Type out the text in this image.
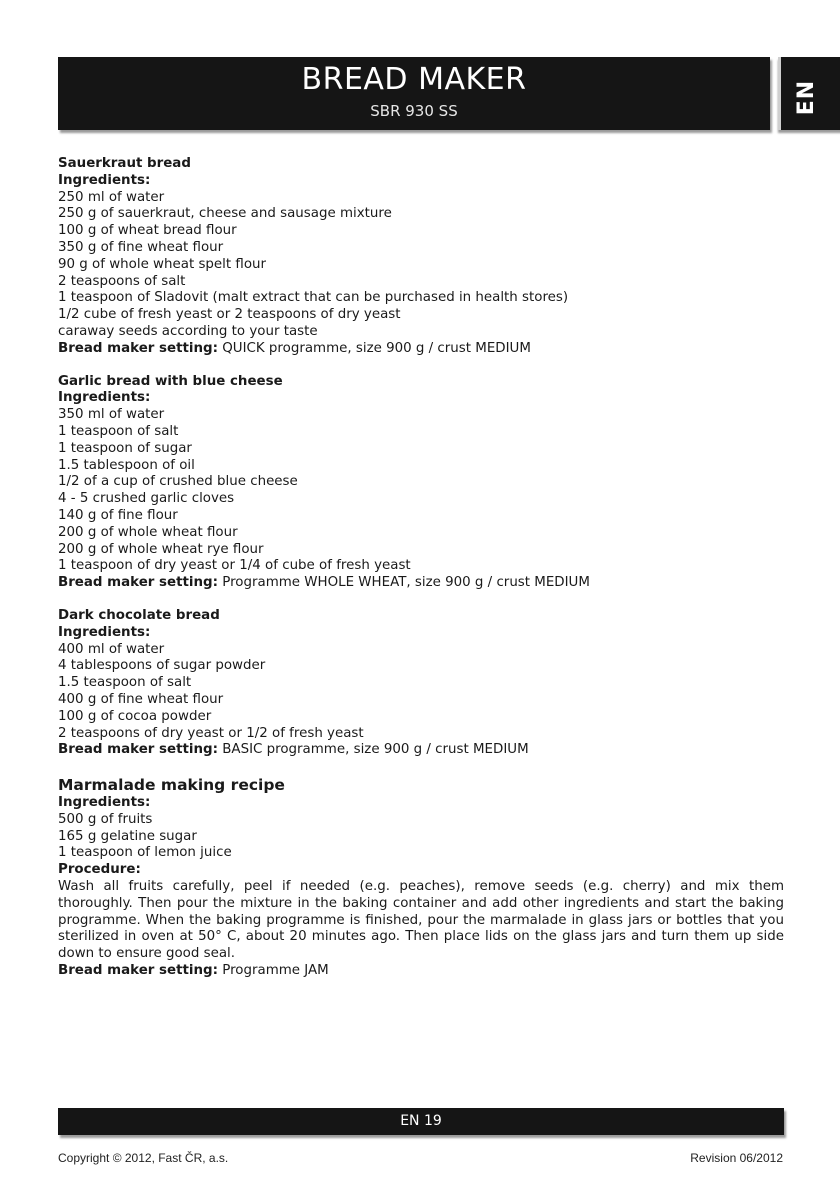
BREAD MAKER
SBR 930 SS	EN

Sauerkraut bread

Ingredients:

250 ml of water

250 g of sauerkraut, cheese and sausage mixture

100 g of wheat bread flour

350 g of fine wheat flour

90 g of whole wheat spelt flour

2 teaspoons of salt

1 teaspoon of Sladovit (malt extract that can be purchased in health stores)

1/2 cube of fresh yeast or 2 teaspoons of dry yeast

caraway seeds according to your taste

Bread maker setting: QUICK programme, size 900 g / crust MEDIUM

Garlic bread with blue cheese

Ingredients:

350 ml of water

1 teaspoon of salt

1 teaspoon of sugar

1.5 tablespoon of oil

1/2 of a cup of crushed blue cheese

4 - 5 crushed garlic cloves

140 g of fine flour

200 g of whole wheat flour

200 g of whole wheat rye flour

1 teaspoon of dry yeast or 1/4 of cube of fresh yeast

Bread maker setting: Programme WHOLE WHEAT, size 900 g / crust MEDIUM

Dark chocolate bread

Ingredients:

400 ml of water

4 tablespoons of sugar powder

1.5 teaspoon of salt

400 g of fine wheat flour

100 g of cocoa powder

2 teaspoons of dry yeast or 1/2 of fresh yeast

Bread maker setting: BASIC programme, size 900 g / crust MEDIUM

Marmalade making recipe

Ingredients:

500 g of fruits

165 g gelatine sugar

1 teaspoon of lemon juice

Procedure:

Wash all fruits carefully, peel if needed (e.g. peaches), remove seeds (e.g. cherry) and mix them thoroughly. Then pour the mixture in the baking container and add other ingredients and start the baking programme. When the baking programme is finished, pour the marmalade in glass jars or bottles that you sterilized in oven at 50° C, about 20 minutes ago. Then place lids on the glass jars and turn them up side down to ensure good seal.

Bread maker setting: Programme JAM

EN 19
Copyright © 2012, Fast ČR, a.s.	Revision 06/2012
